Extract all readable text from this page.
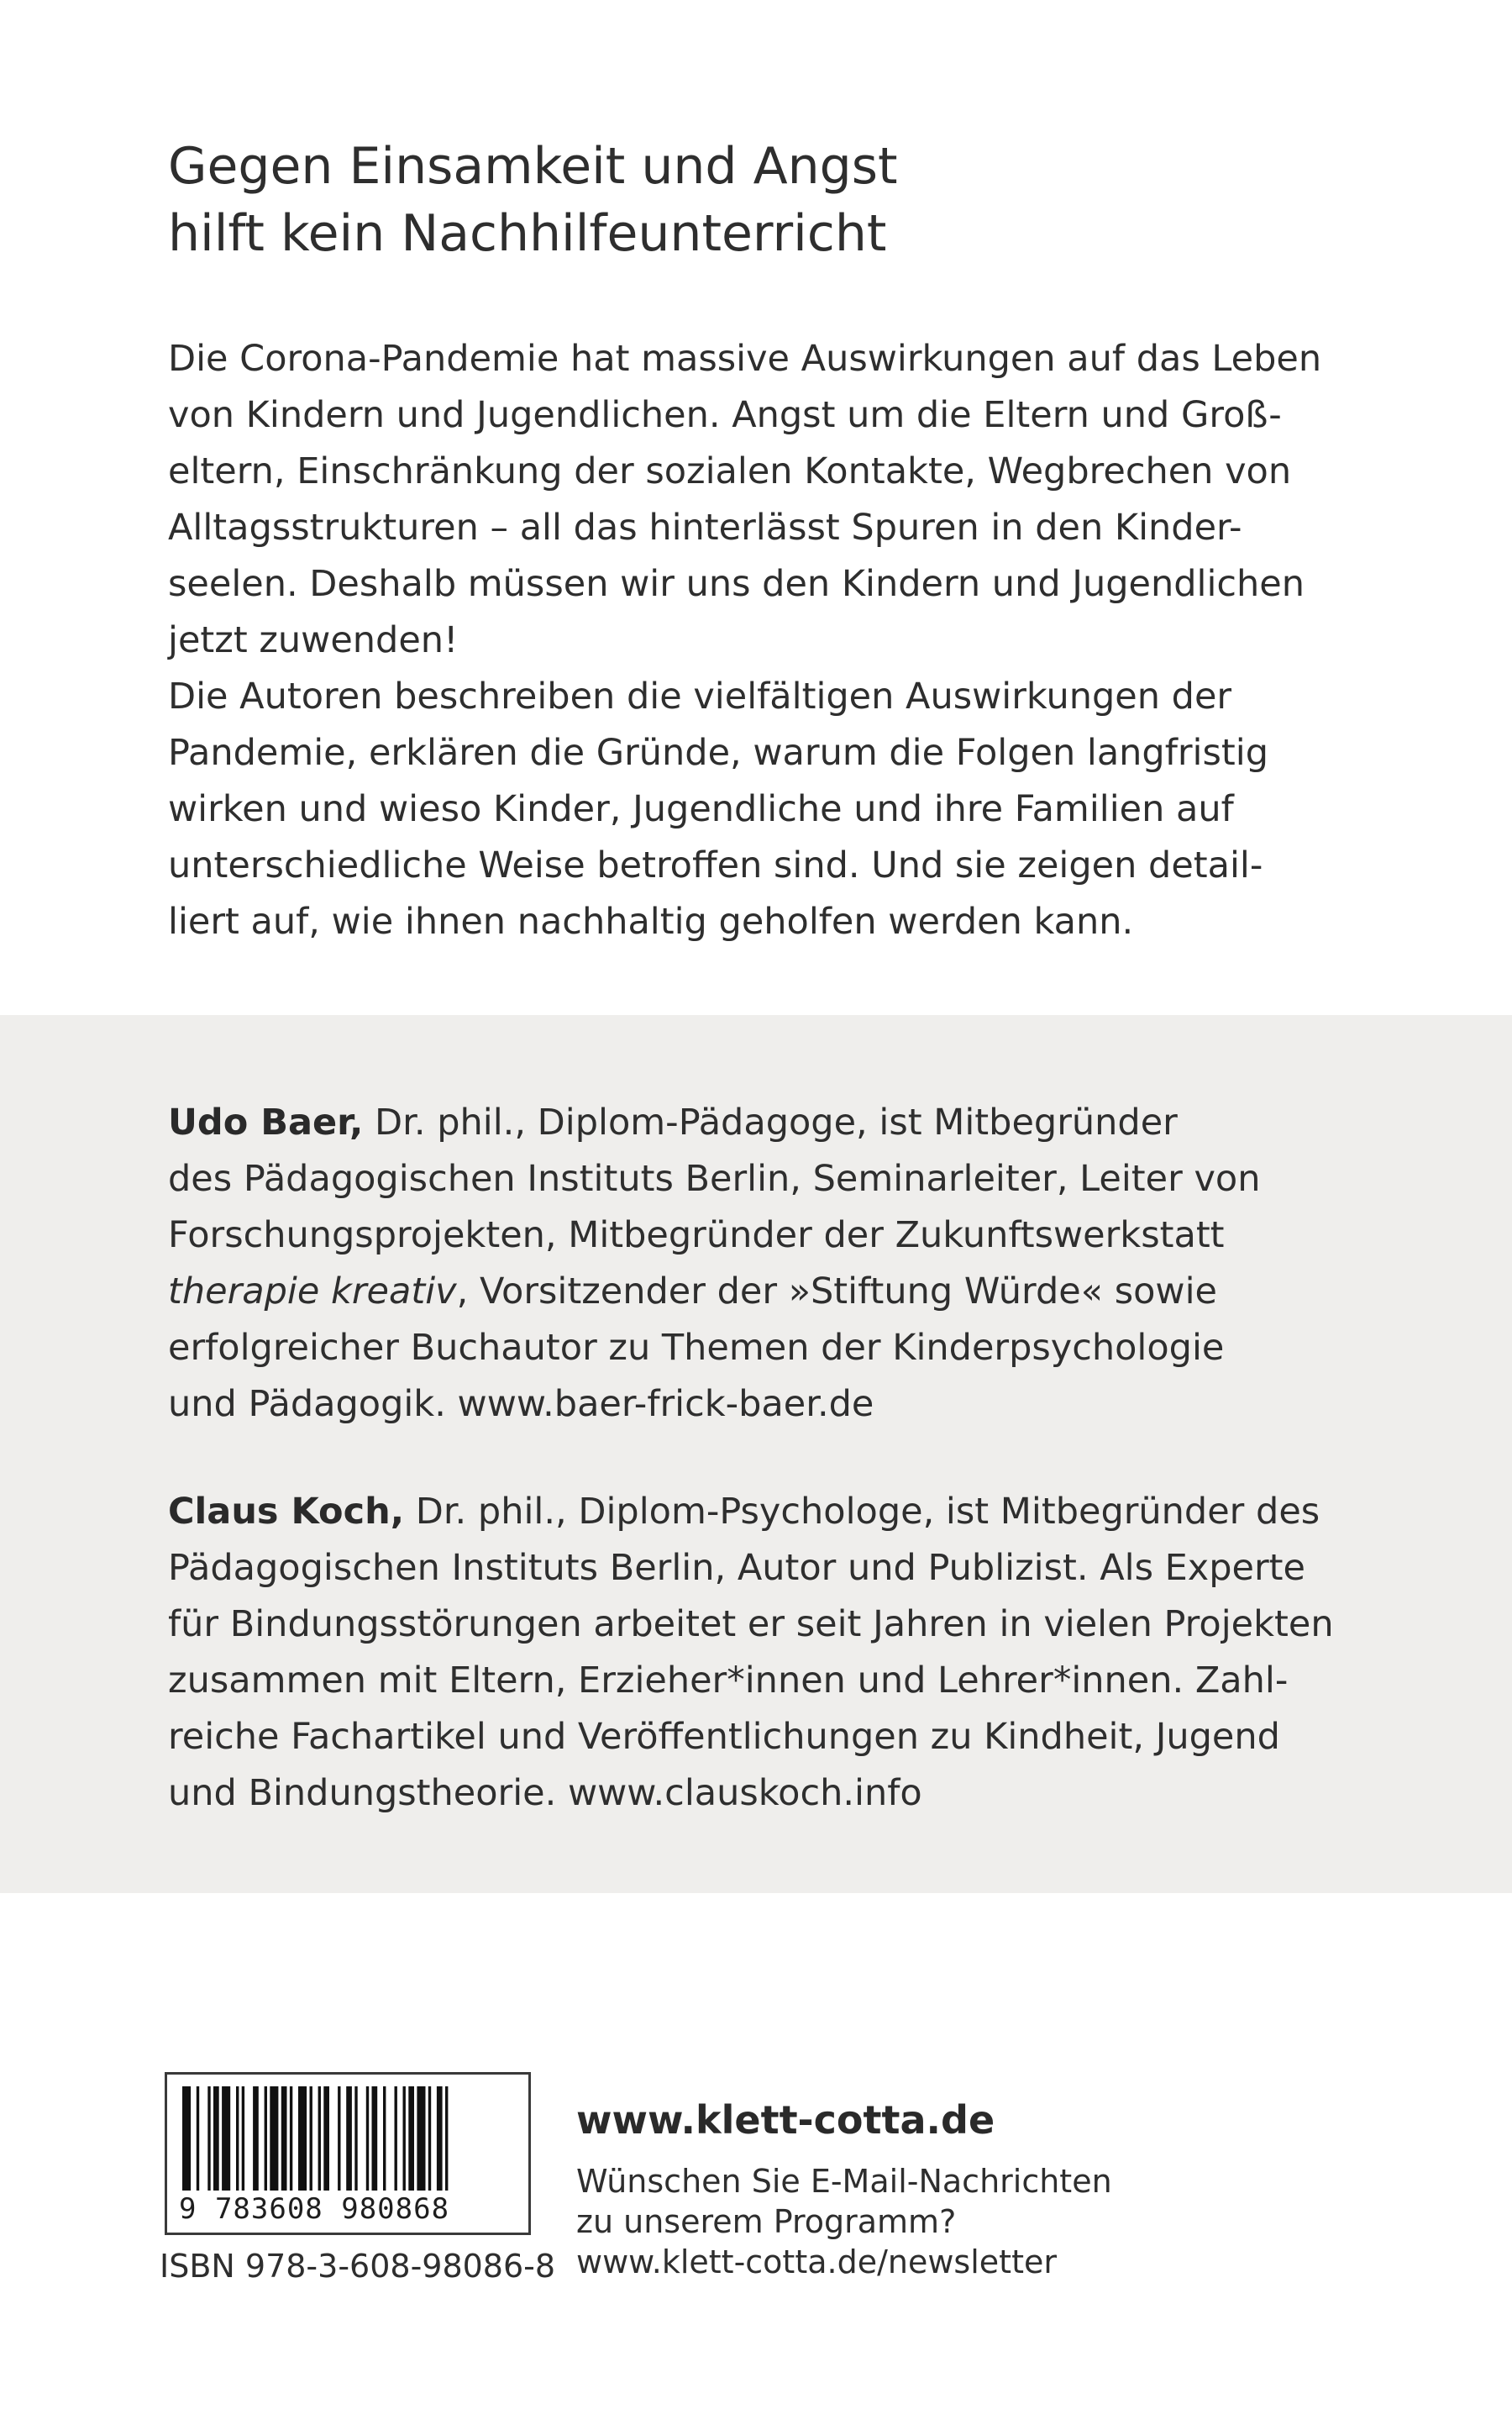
Gegen Einsamkeit und Angst
hilft kein Nachhilfeunterricht
Die Corona-Pandemie hat massive Auswirkungen auf das Leben
von Kindern und Jugendlichen. Angst um die Eltern und Groß-
eltern, Einschränkung der sozialen Kontakte, Wegbrechen von
Alltagsstrukturen – all das hinterlässt Spuren in den Kinder-
seelen. Deshalb müssen wir uns den Kindern und Jugendlichen
jetzt zuwenden!
Die Autoren beschreiben die vielfältigen Auswirkungen der
Pandemie, erklären die Gründe, warum die Folgen langfristig
wirken und wieso Kinder, Jugendliche und ihre Familien auf
unterschiedliche Weise betroffen sind. Und sie zeigen detail-
liert auf, wie ihnen nachhaltig geholfen werden kann.
Udo Baer, Dr. phil., Diplom-Pädagoge, ist Mitbegründer
des Pädagogischen Instituts Berlin, Seminarleiter, Leiter von
Forschungsprojekten, Mitbegründer der Zukunftswerkstatt
therapie kreativ, Vorsitzender der »Stiftung Würde« sowie
erfolgreicher Buchautor zu Themen der Kinderpsychologie
und Pädagogik. www.baer-frick-baer.de
Claus Koch, Dr. phil., Diplom-Psychologe, ist Mitbegründer des
Pädagogischen Instituts Berlin, Autor und Publizist. Als Experte
für Bindungsstörungen arbeitet er seit Jahren in vielen Projekten
zusammen mit Eltern, Erzieher*innen und Lehrer*innen. Zahl-
reiche Fachartikel und Veröffentlichungen zu Kindheit, Jugend
und Bindungstheorie. www.clauskoch.info
9 783608 980868
ISBN 978-3-608-98086-8
www.klett-cotta.de
Wünschen Sie E-Mail-Nachrichten
zu unserem Programm?
www.klett-cotta.de/newsletter
